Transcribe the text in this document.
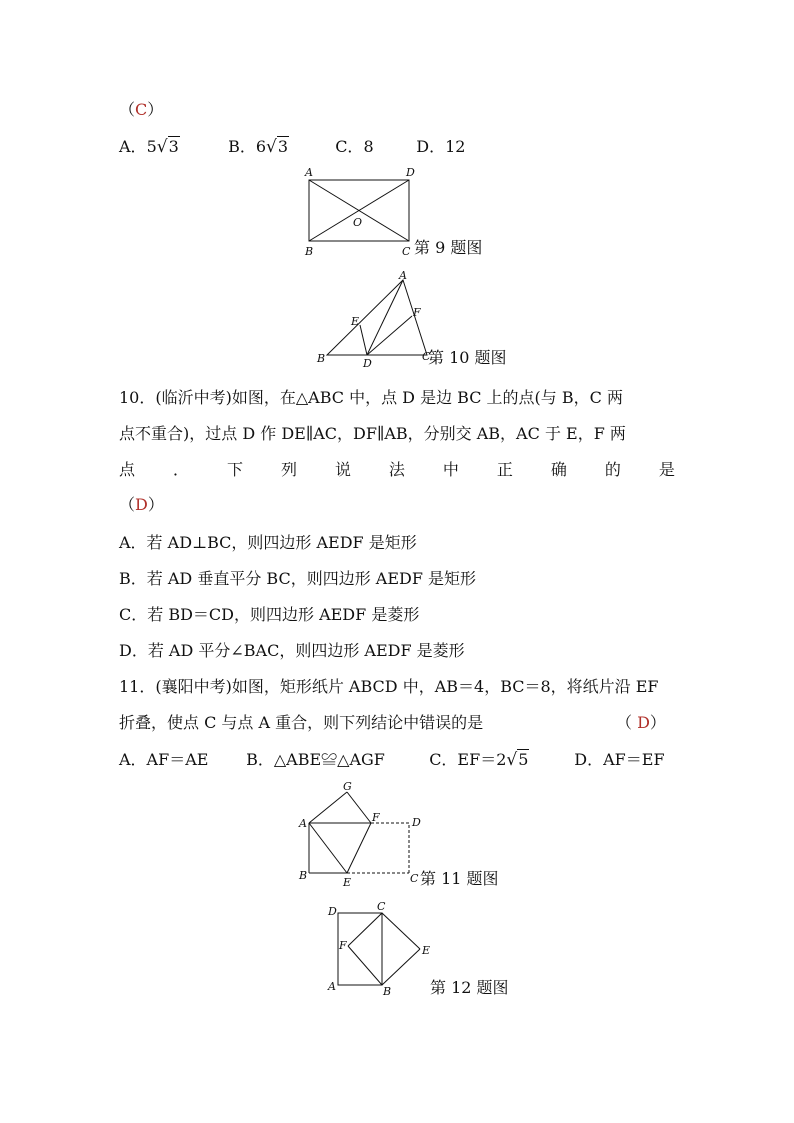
（C）
A．5√3	B．6√3	C．8	D．12
A	D
O
B	C 第 9 题图
A
E
F
B	D
C
第 10 题图
10．(临沂中考)如图，在△ABC 中，点 D 是边 BC 上的点(与 B，C 两
点不重合)，过点 D 作 DE∥AC，DF∥AB，分别交 AB，AC 于 E，F 两
点 ． 下 列 说 法 中 正 确 的 是
（D）
A．若 AD⊥BC，则四边形 AEDF 是矩形
B．若 AD 垂直平分 BC，则四边形 AEDF 是矩形
C．若 BD＝CD，则四边形 AEDF 是菱形
D．若 AD 平分∠BAC，则四边形 AEDF 是菱形
11．(襄阳中考)如图，矩形纸片 ABCD 中，AB＝4，BC＝8，将纸片沿 EF
折叠，使点 C 与点 A 重合，则下列结论中错误的是	（ D）
A．AF＝AE B．△ABE≌△AGF	C．EF＝2√5	D．AF＝EF
G
A	F	D
B
E	C 第 11 题图
D	C
F	E
A	B 第 12 题图
